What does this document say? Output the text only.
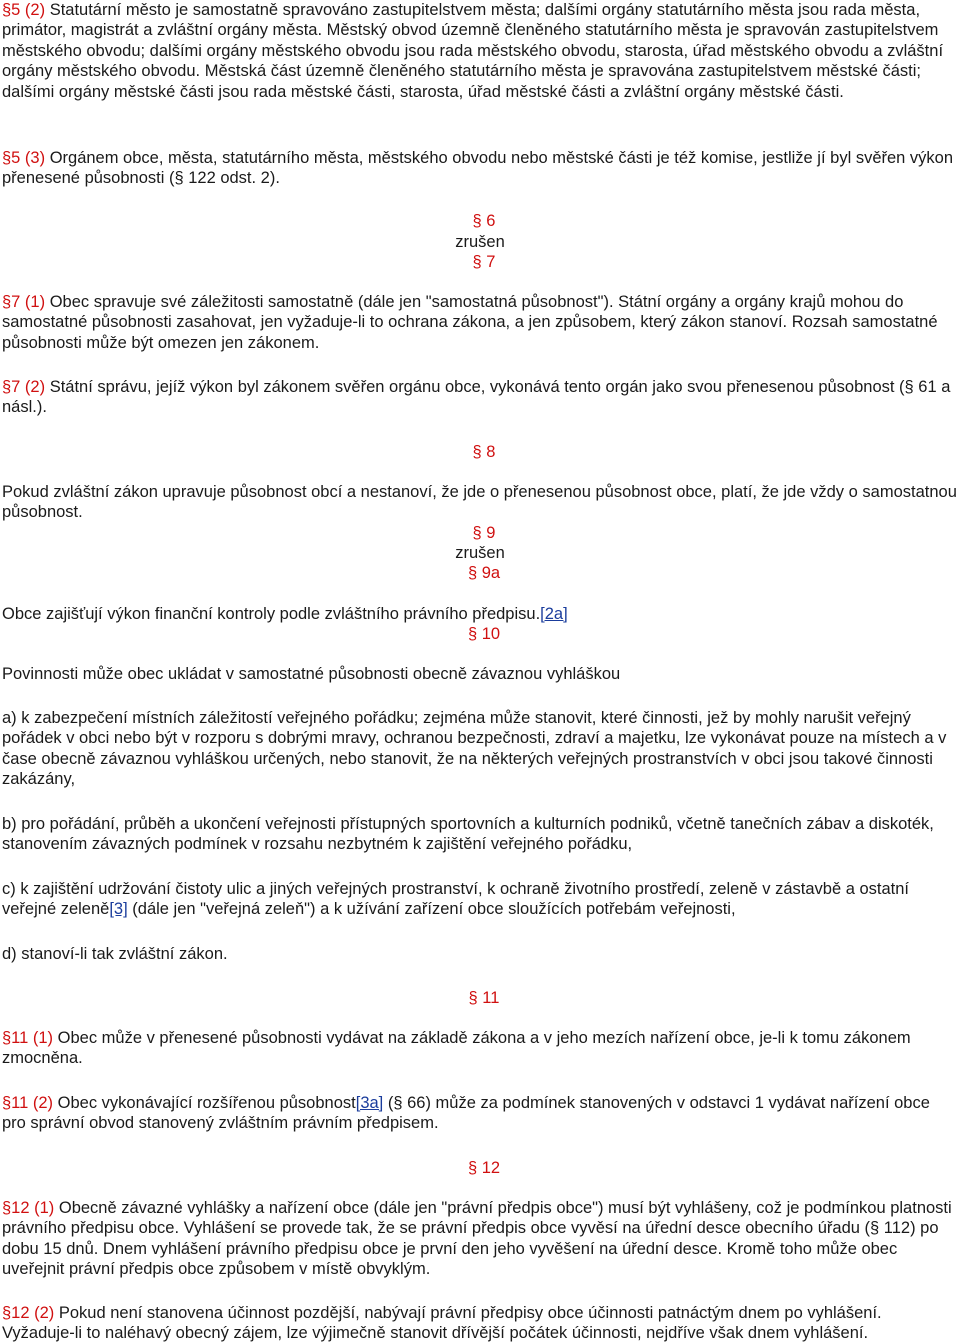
§5 (2) Statutární město je samostatně spravováno zastupitelstvem města; dalšími orgány statutárního města jsou rada města, primátor, magistrát a zvláštní orgány města. Městský obvod územně členěného statutárního města je spravován zastupitelstvem městského obvodu; dalšími orgány městského obvodu jsou rada městského obvodu, starosta, úřad městského obvodu a zvláštní orgány městského obvodu. Městská část územně členěného statutárního města je spravována zastupitelstvem městské části; dalšími orgány městské části jsou rada městské části, starosta, úřad městské části a zvláštní orgány městské části.

§5 (3) Orgánem obce, města, statutárního města, městského obvodu nebo městské části je též komise, jestliže jí byl svěřen výkon přenesené působnosti (§ 122 odst. 2).

§ 6

zrušen

§ 7

§7 (1) Obec spravuje své záležitosti samostatně (dále jen "samostatná působnost"). Státní orgány a orgány krajů mohou do samostatné působnosti zasahovat, jen vyžaduje-li to ochrana zákona, a jen způsobem, který zákon stanoví. Rozsah samostatné působnosti může být omezen jen zákonem.

§7 (2) Státní správu, jejíž výkon byl zákonem svěřen orgánu obce, vykonává tento orgán jako svou přenesenou působnost (§ 61 a násl.).

§ 8

Pokud zvláštní zákon upravuje působnost obcí a nestanoví, že jde o přenesenou působnost obce, platí, že jde vždy o samostatnou působnost.

§ 9

zrušen

§ 9a

Obce zajišťují výkon finanční kontroly podle zvláštního právního předpisu.[2a]

§ 10

Povinnosti může obec ukládat v samostatné působnosti obecně závaznou vyhláškou

a) k zabezpečení místních záležitostí veřejného pořádku; zejména může stanovit, které činnosti, jež by mohly narušit veřejný pořádek v obci nebo být v rozporu s dobrými mravy, ochranou bezpečnosti, zdraví a majetku, lze vykonávat pouze na místech a v čase obecně závaznou vyhláškou určených, nebo stanovit, že na některých veřejných prostranstvích v obci jsou takové činnosti zakázány,

b) pro pořádání, průběh a ukončení veřejnosti přístupných sportovních a kulturních podniků, včetně tanečních zábav a diskoték, stanovením závazných podmínek v rozsahu nezbytném k zajištění veřejného pořádku,

c) k zajištění udržování čistoty ulic a jiných veřejných prostranství, k ochraně životního prostředí, zeleně v zástavbě a ostatní veřejné zeleně[3] (dále jen "veřejná zeleň") a k užívání zařízení obce sloužících potřebám veřejnosti,

d) stanoví-li tak zvláštní zákon.

§ 11

§11 (1) Obec může v přenesené působnosti vydávat na základě zákona a v jeho mezích nařízení obce, je-li k tomu zákonem zmocněna.

§11 (2) Obec vykonávající rozšířenou působnost[3a] (§ 66) může za podmínek stanovených v odstavci 1 vydávat nařízení obce pro správní obvod stanovený zvláštním právním předpisem.

§ 12

§12 (1) Obecně závazné vyhlášky a nařízení obce (dále jen "právní předpis obce") musí být vyhlášeny, což je podmínkou platnosti právního předpisu obce. Vyhlášení se provede tak, že se právní předpis obce vyvěsí na úřední desce obecního úřadu (§ 112) po dobu 15 dnů. Dnem vyhlášení právního předpisu obce je první den jeho vyvěšení na úřední desce. Kromě toho může obec uveřejnit právní předpis obce způsobem v místě obvyklým.

§12 (2) Pokud není stanovena účinnost pozdější, nabývají právní předpisy obce účinnosti patnáctým dnem po vyhlášení. Vyžaduje-li to naléhavý obecný zájem, lze výjimečně stanovit dřívější počátek účinnosti, nejdříve však dnem vyhlášení.
